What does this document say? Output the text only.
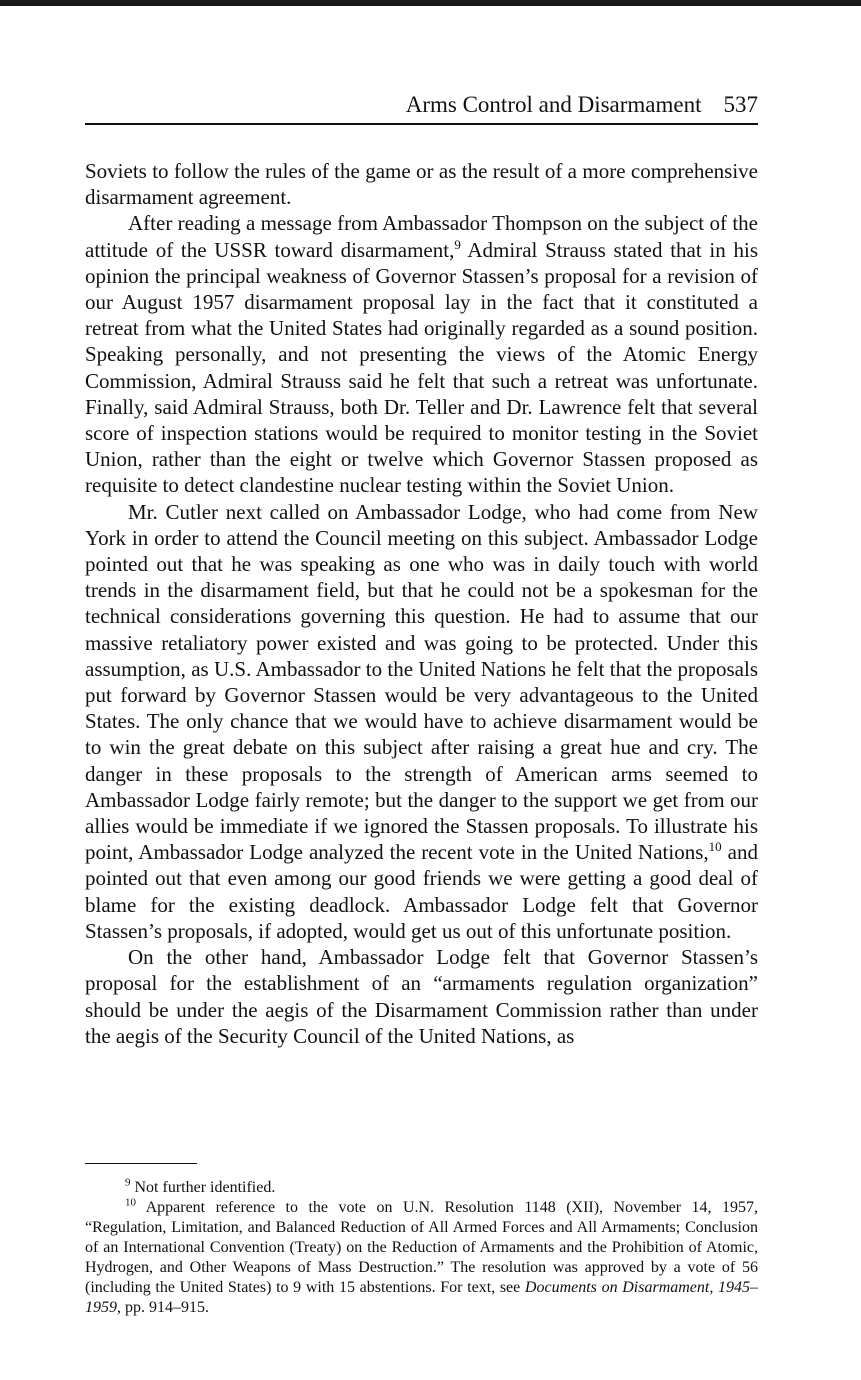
Arms Control and Disarmament 537

Soviets to follow the rules of the game or as the result of a more comprehensive disarmament agreement.

After reading a message from Ambassador Thompson on the subject of the attitude of the USSR toward disarmament,$^9$ Admiral Strauss stated that in his opinion the principal weakness of Governor Stassen’s proposal for a revision of our August 1957 disarmament proposal lay in the fact that it constituted a retreat from what the United States had originally regarded as a sound position. Speaking personally, and not presenting the views of the Atomic Energy Commission, Admiral Strauss said he felt that such a retreat was unfortunate. Finally, said Admiral Strauss, both Dr. Teller and Dr. Lawrence felt that several score of inspection stations would be required to monitor testing in the Soviet Union, rather than the eight or twelve which Governor Stassen proposed as requisite to detect clandestine nuclear testing within the Soviet Union.

Mr. Cutler next called on Ambassador Lodge, who had come from New York in order to attend the Council meeting on this subject. Ambassador Lodge pointed out that he was speaking as one who was in daily touch with world trends in the disarmament field, but that he could not be a spokesman for the technical considerations governing this question. He had to assume that our massive retaliatory power existed and was going to be protected. Under this assumption, as U.S. Ambassador to the United Nations he felt that the proposals put forward by Governor Stassen would be very advantageous to the United States. The only chance that we would have to achieve disarmament would be to win the great debate on this subject after raising a great hue and cry. The danger in these proposals to the strength of American arms seemed to Ambassador Lodge fairly remote; but the danger to the support we get from our allies would be immediate if we ignored the Stassen proposals. To illustrate his point, Ambassador Lodge analyzed the recent vote in the United Nations,$^{10}$ and pointed out that even among our good friends we were getting a good deal of blame for the existing deadlock. Ambassador Lodge felt that Governor Stassen’s proposals, if adopted, would get us out of this unfortunate position.

On the other hand, Ambassador Lodge felt that Governor Stassen’s proposal for the establishment of an “armaments regulation organization” should be under the aegis of the Disarmament Commission rather than under the aegis of the Security Council of the United Nations, as

$^9$ Not further identified.

$^{10}$ Apparent reference to the vote on U.N. Resolution 1148 (XII), November 14, 1957, “Regulation, Limitation, and Balanced Reduction of All Armed Forces and All Armaments; Conclusion of an International Convention (Treaty) on the Reduction of Armaments and the Prohibition of Atomic, Hydrogen, and Other Weapons of Mass Destruction.” The resolution was approved by a vote of 56 (including the United States) to 9 with 15 abstentions. For text, see Documents on Disarmament, 1945–1959, pp. 914–915.
